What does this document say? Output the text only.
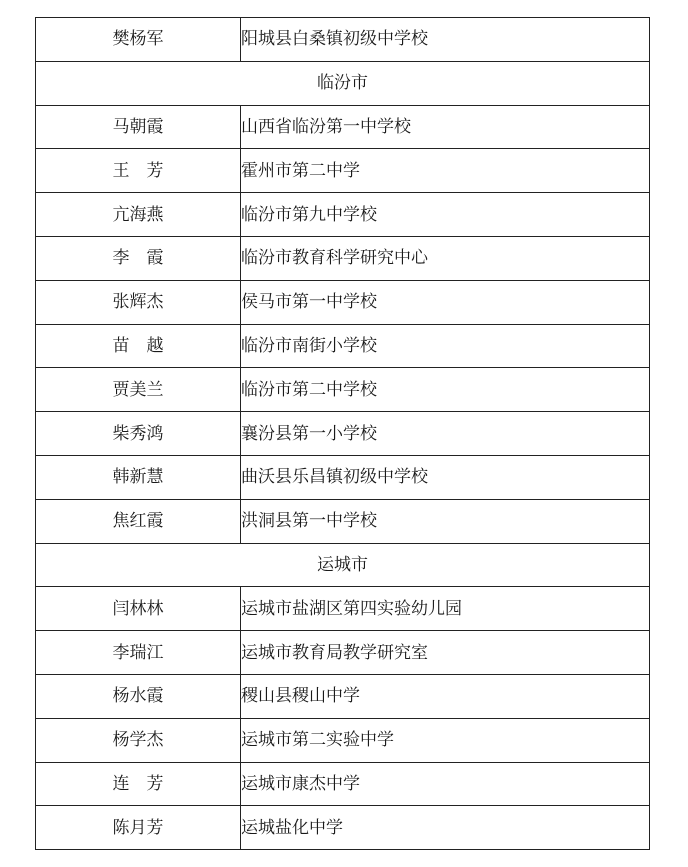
樊杨军	阳城县白桑镇初级中学校
临汾市	
马朝霞	山西省临汾第一中学校
王　芳	霍州市第二中学
亢海燕	临汾市第九中学校
李　霞	临汾市教育科学研究中心
张辉杰	侯马市第一中学校
苗　越	临汾市南街小学校
贾美兰	临汾市第二中学校
柴秀鸿	襄汾县第一小学校
韩新慧	曲沃县乐昌镇初级中学校
焦红霞	洪洞县第一中学校
运城市	
闫林林	运城市盐湖区第四实验幼儿园
李瑞江	运城市教育局教学研究室
杨水霞	稷山县稷山中学
杨学杰	运城市第二实验中学
连　芳	运城市康杰中学
陈月芳	运城盐化中学
